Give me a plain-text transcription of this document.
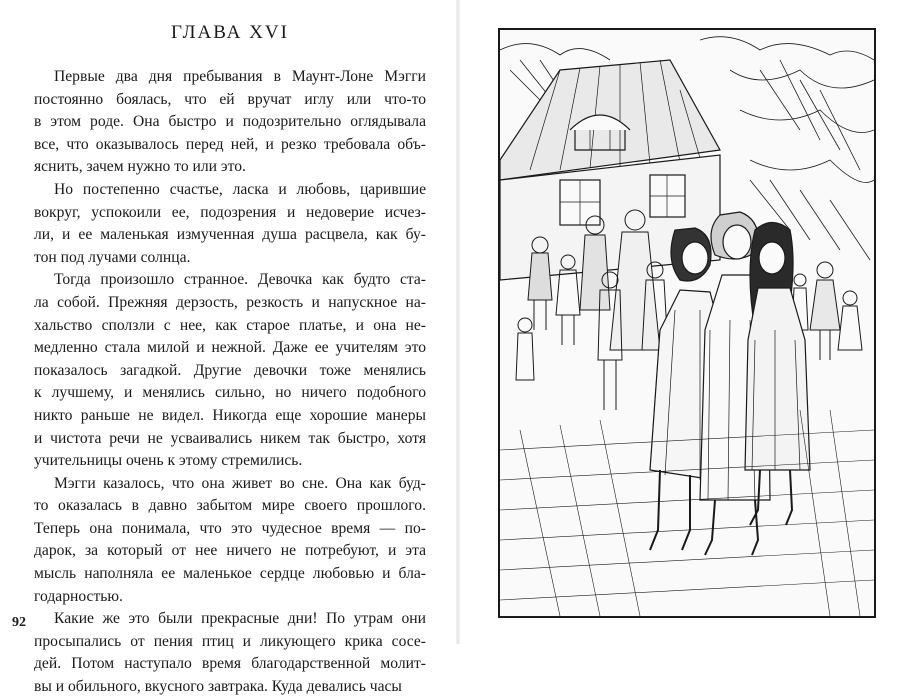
ГЛАВА XVI
Первые два дня пребывания в Маунт-Лоне Мэгги
постоянно боялась, что ей вручат иглу или что-то
в этом роде. Она быстро и подозрительно оглядывала
все, что оказывалось перед ней, и резко требовала объ-
яснить, зачем нужно то или это.
Но постепенно счастье, ласка и любовь, царившие
вокруг, успокоили ее, подозрения и недоверие исчез-
ли, и ее маленькая измученная душа расцвела, как бу-
тон под лучами солнца.
Тогда произошло странное. Девочка как будто ста-
ла собой. Прежняя дерзость, резкость и напускное на-
хальство сползли с нее, как старое платье, и она не-
медленно стала милой и нежной. Даже ее учителям это
показалось загадкой. Другие девочки тоже менялись
к лучшему, и менялись сильно, но ничего подобного
никто раньше не видел. Никогда еще хорошие манеры
и чистота речи не усваивались никем так быстро, хотя
учительницы очень к этому стремились.
Мэгги казалось, что она живет во сне. Она как буд-
то оказалась в давно забытом мире своего прошлого.
Теперь она понимала, что это чудесное время — по-
дарок, за который от нее ничего не потребуют, и эта
мысль наполняла ее маленькое сердце любовью и бла-
годарностью.
Какие же это были прекрасные дни! По утрам они
просыпались от пения птиц и ликующего крика сосе-
дей. Потом наступало время благодарственной молит-
вы и обильного, вкусного завтрака. Куда девались часы
92
